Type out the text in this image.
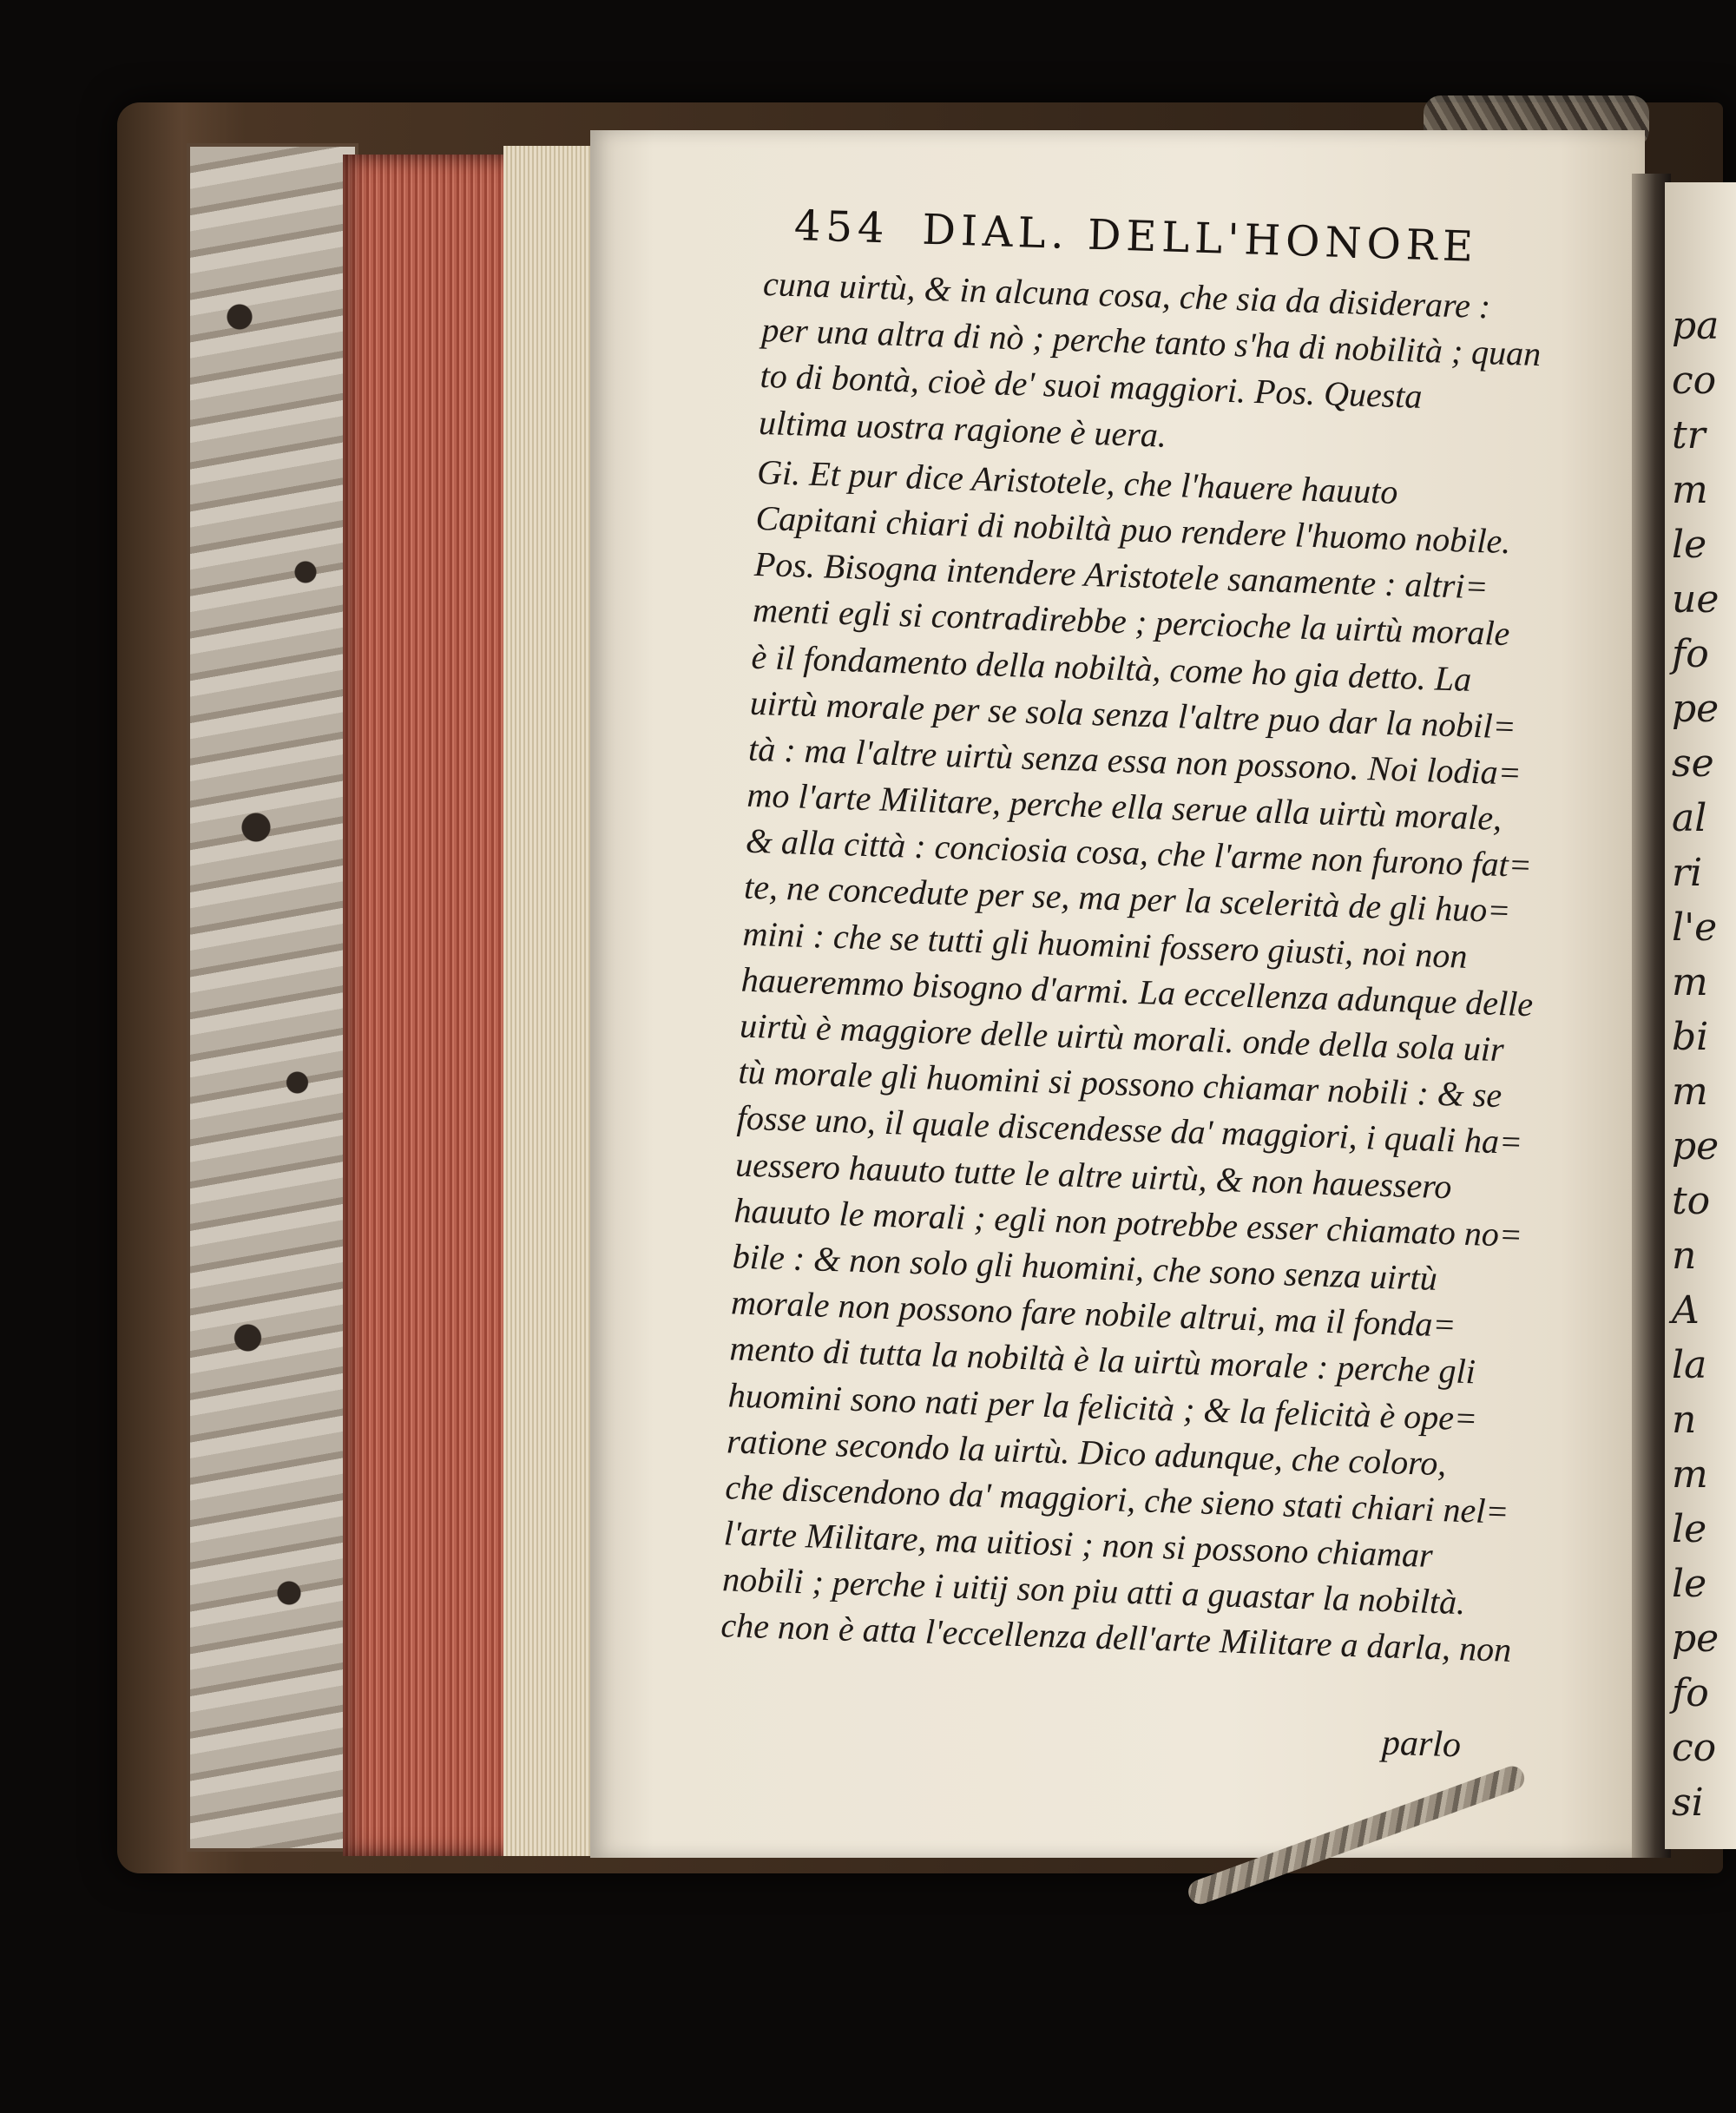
454 DIAL. DELL'HONORE
cuna uirtù, & in alcuna cosa, che sia da disiderare :
per una altra di nò ; perche tanto s'ha di nobilità ; quan
to di bontà, cioè de' suoi maggiori. Pos. Questa
ultima uostra ragione è uera.
Gi. Et pur dice Aristotele, che l'hauere hauuto
Capitani chiari di nobiltà puo rendere l'huomo nobile.
Pos. Bisogna intendere Aristotele sanamente : altri=
menti egli si contradirebbe ; percioche la uirtù morale
è il fondamento della nobiltà, come ho gia detto. La
uirtù morale per se sola senza l'altre puo dar la nobil=
tà : ma l'altre uirtù senza essa non possono. Noi lodia=
mo l'arte Militare, perche ella serue alla uirtù morale,
& alla città : conciosia cosa, che l'arme non furono fat=
te, ne concedute per se, ma per la scelerità de gli huo=
mini : che se tutti gli huomini fossero giusti, noi non
haueremmo bisogno d'armi. La eccellenza adunque delle
uirtù è maggiore delle uirtù morali. onde della sola uir
tù morale gli huomini si possono chiamar nobili : & se
fosse uno, il quale discendesse da' maggiori, i quali ha=
uessero hauuto tutte le altre uirtù, & non hauessero
hauuto le morali ; egli non potrebbe esser chiamato no=
bile : & non solo gli huomini, che sono senza uirtù
morale non possono fare nobile altrui, ma il fonda=
mento di tutta la nobiltà è la uirtù morale : perche gli
huomini sono nati per la felicità ; & la felicità è ope=
ratione secondo la uirtù. Dico adunque, che coloro,
che discendono da' maggiori, che sieno stati chiari nel=
l'arte Militare, ma uitiosi ; non si possono chiamar
nobili ; perche i uitij son piu atti a guastar la nobiltà.
che non è atta l'eccellenza dell'arte Militare a darla, non
parlo
pa
co
tr
m
le
ue
fo
pe
se
al
ri
l'e
m
bi
m
pe
to
n
A
la
n
m
le
le
pe
fo
co
si
